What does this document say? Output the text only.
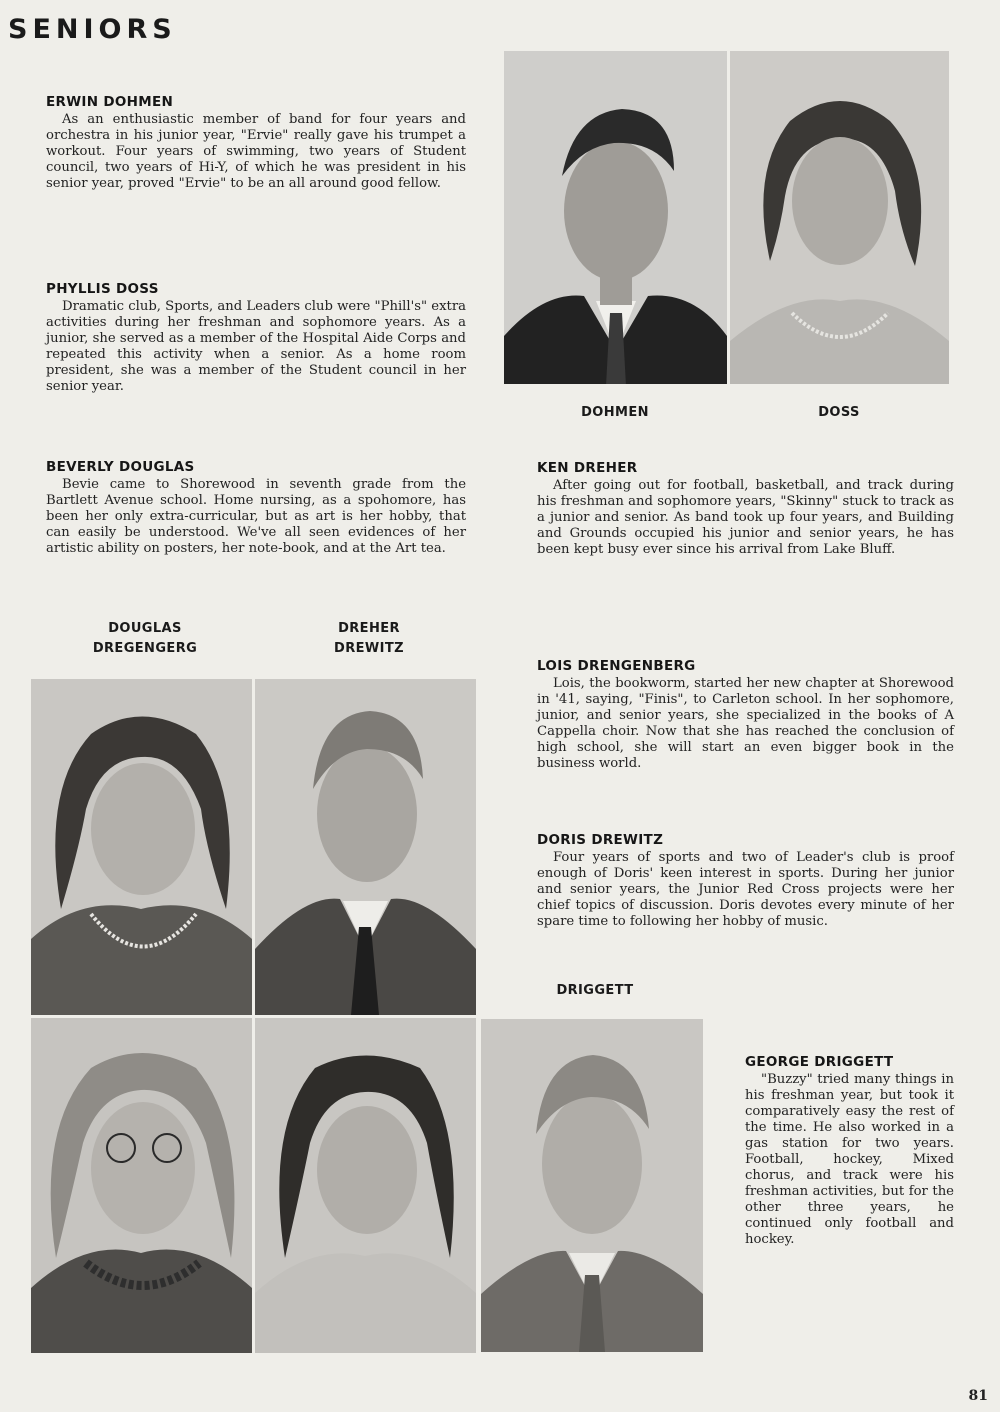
SENIORS
ERWIN DOHMEN

As an enthusiastic member of band for four years and orchestra in his junior year, "Ervie" really gave his trumpet a workout. Four years of swimming, two years of Student council, two years of Hi-Y, of which he was president in his senior year, proved "Ervie" to be an all around good fellow.

PHYLLIS DOSS

Dramatic club, Sports, and Leaders club were "Phill's" extra activities during her freshman and sophomore years. As a junior, she served as a member of the Hospital Aide Corps and repeated this activity when a senior. As a home room president, she was a member of the Student council in her senior year.

BEVERLY DOUGLAS

Bevie came to Shorewood in seventh grade from the Bartlett Avenue school. Home nursing, as a spohomore, has been her only extra-curricular, but as art is her hobby, that can easily be understood. We've all seen evidences of her artistic ability on posters, her note-book, and at the Art tea.

KEN DREHER

After going out for football, basketball, and track during his freshman and sophomore years, "Skinny" stuck to track as a junior and senior. As band took up four years, and Building and Grounds occupied his junior and senior years, he has been kept busy ever since his arrival from Lake Bluff.

LOIS DRENGENBERG

Lois, the bookworm, started her new chapter at Shorewood in '41, saying, "Finis", to Carleton school. In her sophomore, junior, and senior years, she specialized in the books of A Cappella choir. Now that she has reached the conclusion of high school, she will start an even bigger book in the business world.

DORIS DREWITZ

Four years of sports and two of Leader's club is proof enough of Doris' keen interest in sports. During her junior and senior years, the Junior Red Cross projects were her chief topics of discussion. Doris devotes every minute of her spare time to following her hobby of music.

GEORGE DRIGGETT

"Buzzy" tried many things in his freshman year, but took it comparatively easy the rest of the time. He also worked in a gas station for two years. Football, hockey, Mixed chorus, and track were his freshman activities, but for the other three years, he continued only football and hockey.

DOHMEN	DOSS
DOUGLAS
DREGENGERG
DREHER
DREWITZ
DRIGGETT
81
